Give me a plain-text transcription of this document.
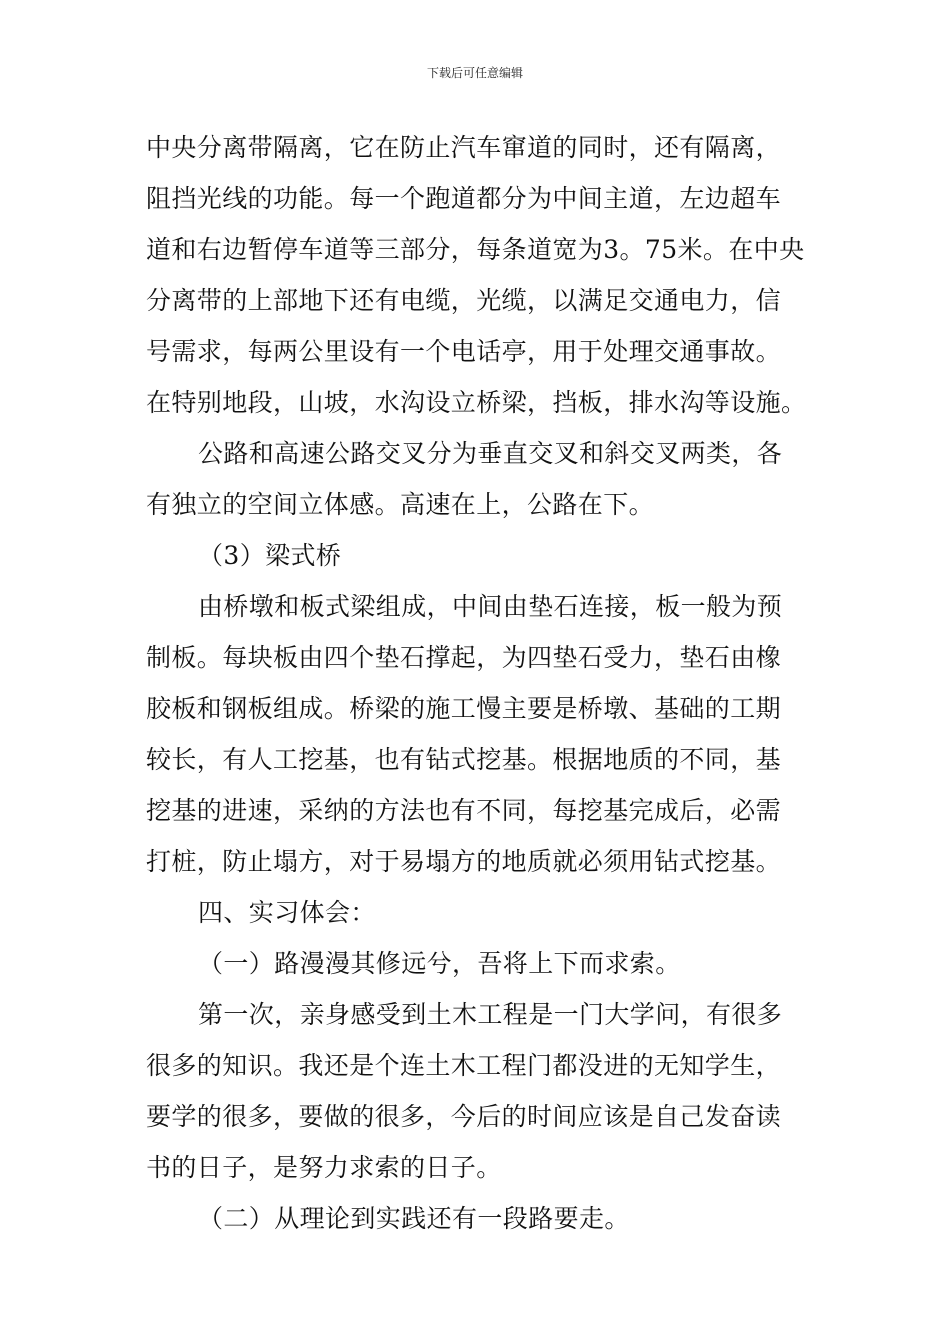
下载后可任意编辑
中央分离带隔离，它在防止汽车窜道的同时，还有隔离，
阻挡光线的功能。每一个跑道都分为中间主道，左边超车
道和右边暂停车道等三部分，每条道宽为3。75米。在中央
分离带的上部地下还有电缆，光缆，以满足交通电力，信
号需求，每两公里设有一个电话亭，用于处理交通事故。
在特别地段，山坡，水沟设立桥梁，挡板，排水沟等设施。
公路和高速公路交叉分为垂直交叉和斜交叉两类，各
有独立的空间立体感。高速在上，公路在下。
（3）梁式桥
由桥墩和板式梁组成，中间由垫石连接，板一般为预
制板。每块板由四个垫石撑起，为四垫石受力，垫石由橡
胶板和钢板组成。桥梁的施工慢主要是桥墩、基础的工期
较长，有人工挖基，也有钻式挖基。根据地质的不同，基
挖基的进速，采纳的方法也有不同，每挖基完成后，必需
打桩，防止塌方，对于易塌方的地质就必须用钻式挖基。
四、实习体会：
（一）路漫漫其修远兮，吾将上下而求索。
第一次，亲身感受到土木工程是一门大学问，有很多
很多的知识。我还是个连土木工程门都没进的无知学生，
要学的很多，要做的很多，今后的时间应该是自己发奋读
书的日子，是努力求索的日子。
（二）从理论到实践还有一段路要走。
